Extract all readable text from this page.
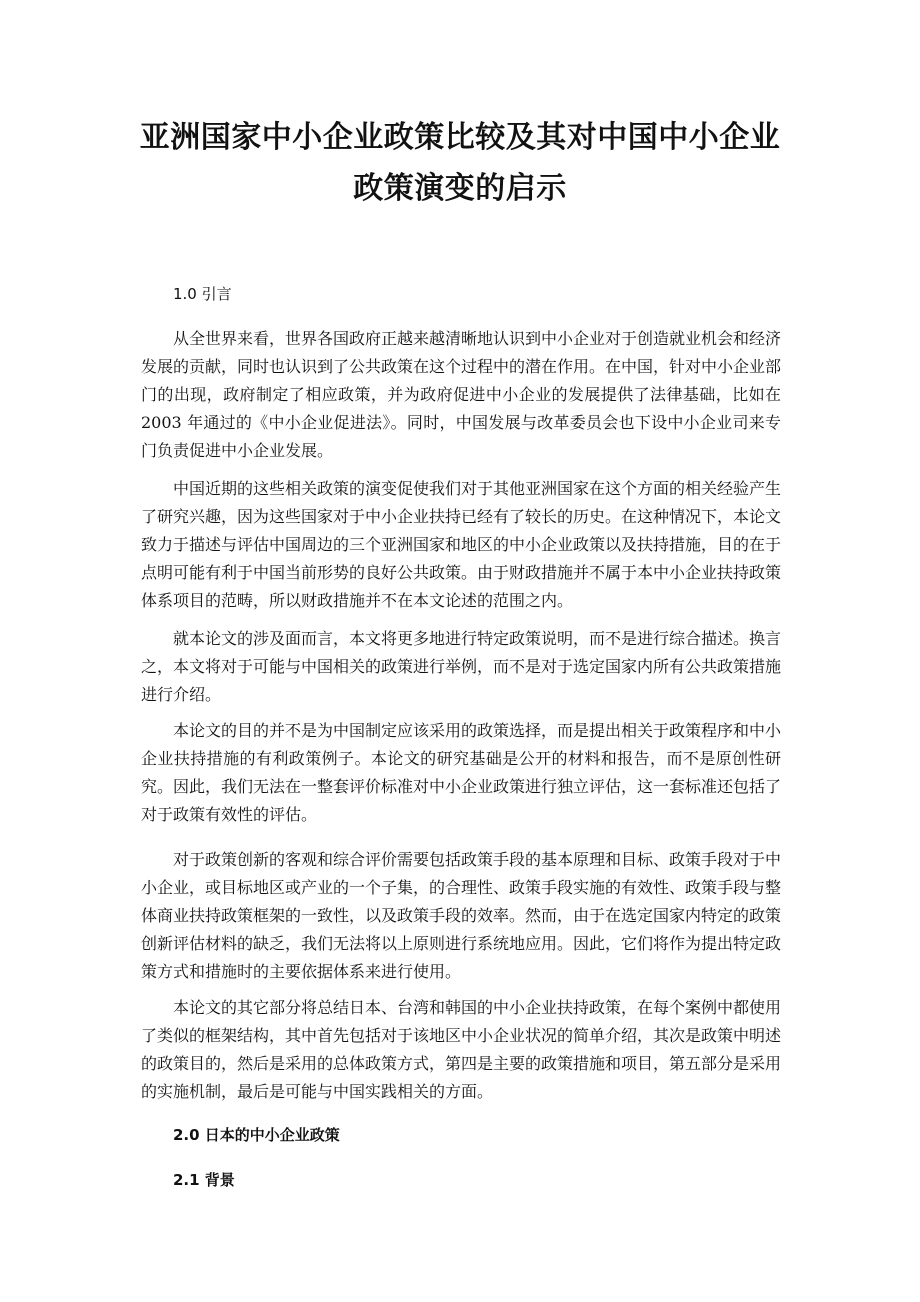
亚洲国家中小企业政策比较及其对中国中小企业政策演变的启示

1.0 引言

从全世界来看，世界各国政府正越来越清晰地认识到中小企业对于创造就业机会和经济发展的贡献，同时也认识到了公共政策在这个过程中的潜在作用。在中国，针对中小企业部门的出现，政府制定了相应政策，并为政府促进中小企业的发展提供了法律基础，比如在2003 年通过的《中小企业促进法》。同时，中国发展与改革委员会也下设中小企业司来专门负责促进中小企业发展。

中国近期的这些相关政策的演变促使我们对于其他亚洲国家在这个方面的相关经验产生了研究兴趣，因为这些国家对于中小企业扶持已经有了较长的历史。在这种情况下，本论文致力于描述与评估中国周边的三个亚洲国家和地区的中小企业政策以及扶持措施，目的在于点明可能有利于中国当前形势的良好公共政策。由于财政措施并不属于本中小企业扶持政策体系项目的范畴，所以财政措施并不在本文论述的范围之内。

就本论文的涉及面而言，本文将更多地进行特定政策说明，而不是进行综合描述。换言之，本文将对于可能与中国相关的政策进行举例，而不是对于选定国家内所有公共政策措施进行介绍。

本论文的目的并不是为中国制定应该采用的政策选择，而是提出相关于政策程序和中小企业扶持措施的有利政策例子。本论文的研究基础是公开的材料和报告，而不是原创性研究。因此，我们无法在一整套评价标准对中小企业政策进行独立评估，这一套标准还包括了对于政策有效性的评估。

对于政策创新的客观和综合评价需要包括政策手段的基本原理和目标、政策手段对于中小企业，或目标地区或产业的一个子集，的合理性、政策手段实施的有效性、政策手段与整体商业扶持政策框架的一致性，以及政策手段的效率。然而，由于在选定国家内特定的政策创新评估材料的缺乏，我们无法将以上原则进行系统地应用。因此，它们将作为提出特定政策方式和措施时的主要依据体系来进行使用。

本论文的其它部分将总结日本、台湾和韩国的中小企业扶持政策，在每个案例中都使用了类似的框架结构，其中首先包括对于该地区中小企业状况的简单介绍，其次是政策中明述的政策目的，然后是采用的总体政策方式，第四是主要的政策措施和项目，第五部分是采用的实施机制，最后是可能与中国实践相关的方面。

2.0 日本的中小企业政策

2.1 背景
